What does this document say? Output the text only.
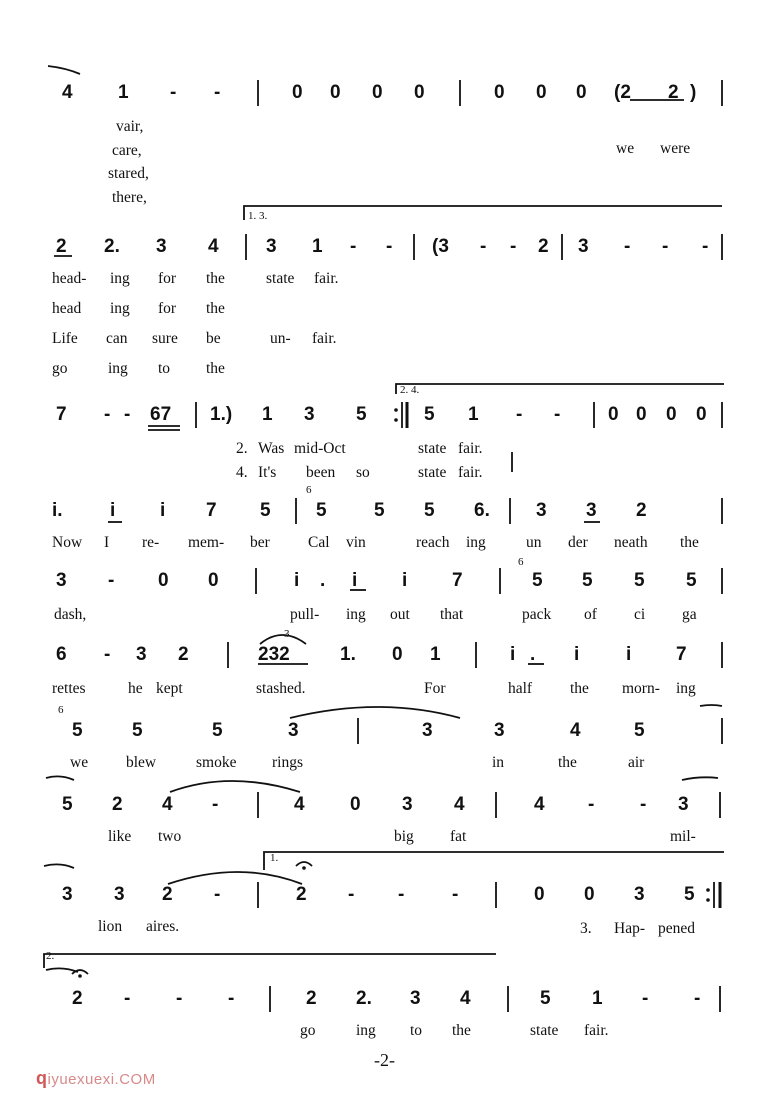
4 1 - -	0 0 0 0	0 0 0 (2 2 )
vair,
care,	we were
stared,
there,
1. 3.
2 2. 3 4 3 1 - - (3 - - 2 3 - - -
head- ing for the	state fair.
head ing for the
Life can sure be	un- fair.
go	ing to the
2. 4.
7 - - 67 1.) 1 3 5	5 1 - -	0 0 0 0
2. Was mid-Oct	state fair.
4. It's been so	state fair.
6
i. i i 7 5 5 5 5 6. 3 3 2
Now I re- mem- ber Cal vin	reach ing	un der neath the
6
3 - 0 0	i . i i 7	5 5 5 5
dash,	pull- ing out that	pack of ci ga
3
6 - 3 2	232	1. 0 1	i . i i 7
rettes	he kept	stashed.	For	half the morn- ing
6
5	5	5	3	3	3	4	5
we blew	smoke rings	in	the	air
5 2 4 -	4 0 3 4	4 - - 3
like two	big fat	mil-
1.
3 3 2 -	2 - -	-	0 0 3 5
lion aires.	3. Hap- pened
2.
2 - - -	2 2. 3 4	5 1 - -
go	ing to the	state fair.
-2-
qiyuexuexi.COM
